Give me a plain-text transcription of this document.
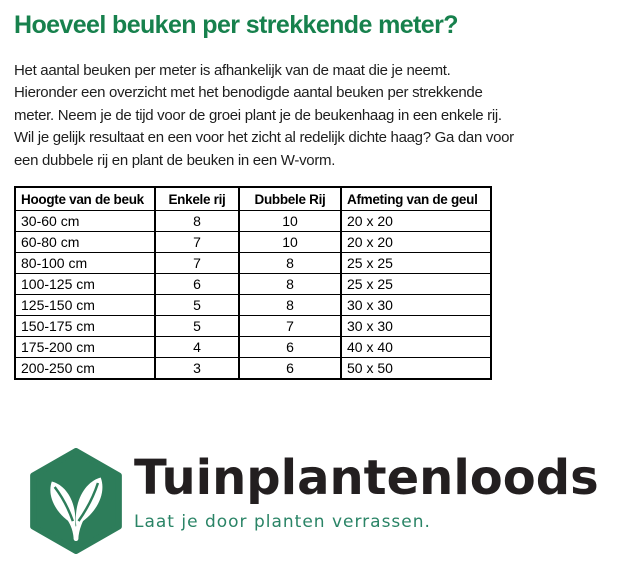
Hoeveel beuken per strekkende meter?
Het aantal beuken per meter is afhankelijk van de maat die je neemt.
Hieronder een overzicht met het benodigde aantal beuken per strekkende
meter. Neem je de tijd voor de groei plant je de beukenhaag in een enkele rij.
Wil je gelijk resultaat en een voor het zicht al redelijk dichte haag? Ga dan voor
een dubbele rij en plant de beuken in een W-vorm.
Hoogte van de beuk	Enkele rij	Dubbele Rij	Afmeting van de geul
30-60 cm	8	10	20 x 20
60-80 cm	7	10	20 x 20
80-100 cm	7	8	25 x 25
100-125 cm	6	8	25 x 25
125-150 cm	5	8	30 x 30
150-175 cm	5	7	30 x 30
175-200 cm	4	6	40 x 40
200-250 cm	3	6	50 x 50
Tuinplantenloods
Laat je door planten verrassen.
